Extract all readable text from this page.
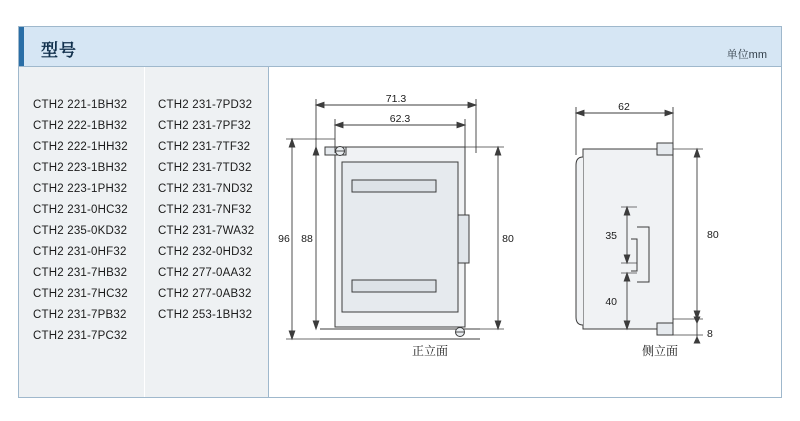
型号	单位mm
CTH2 221-1BH32
CTH2 222-1BH32
CTH2 222-1HH32
CTH2 223-1BH32
CTH2 223-1PH32
CTH2 231-0HC32
CTH2 235-0KD32
CTH2 231-0HF32
CTH2 231-7HB32
CTH2 231-7HC32
CTH2 231-7PB32
CTH2 231-7PC32
CTH2 231-7PD32
CTH2 231-7PF32
CTH2 231-7TF32
CTH2 231-7TD32
CTH2 231-7ND32
CTH2 231-7NF32
CTH2 231-7WA32
CTH2 232-0HD32
CTH2 277-0AA32
CTH2 277-0AB32
CTH2 253-1BH32
71.3
62.3
96 88	80
62
35
40
80
8
正立面	侧立面
